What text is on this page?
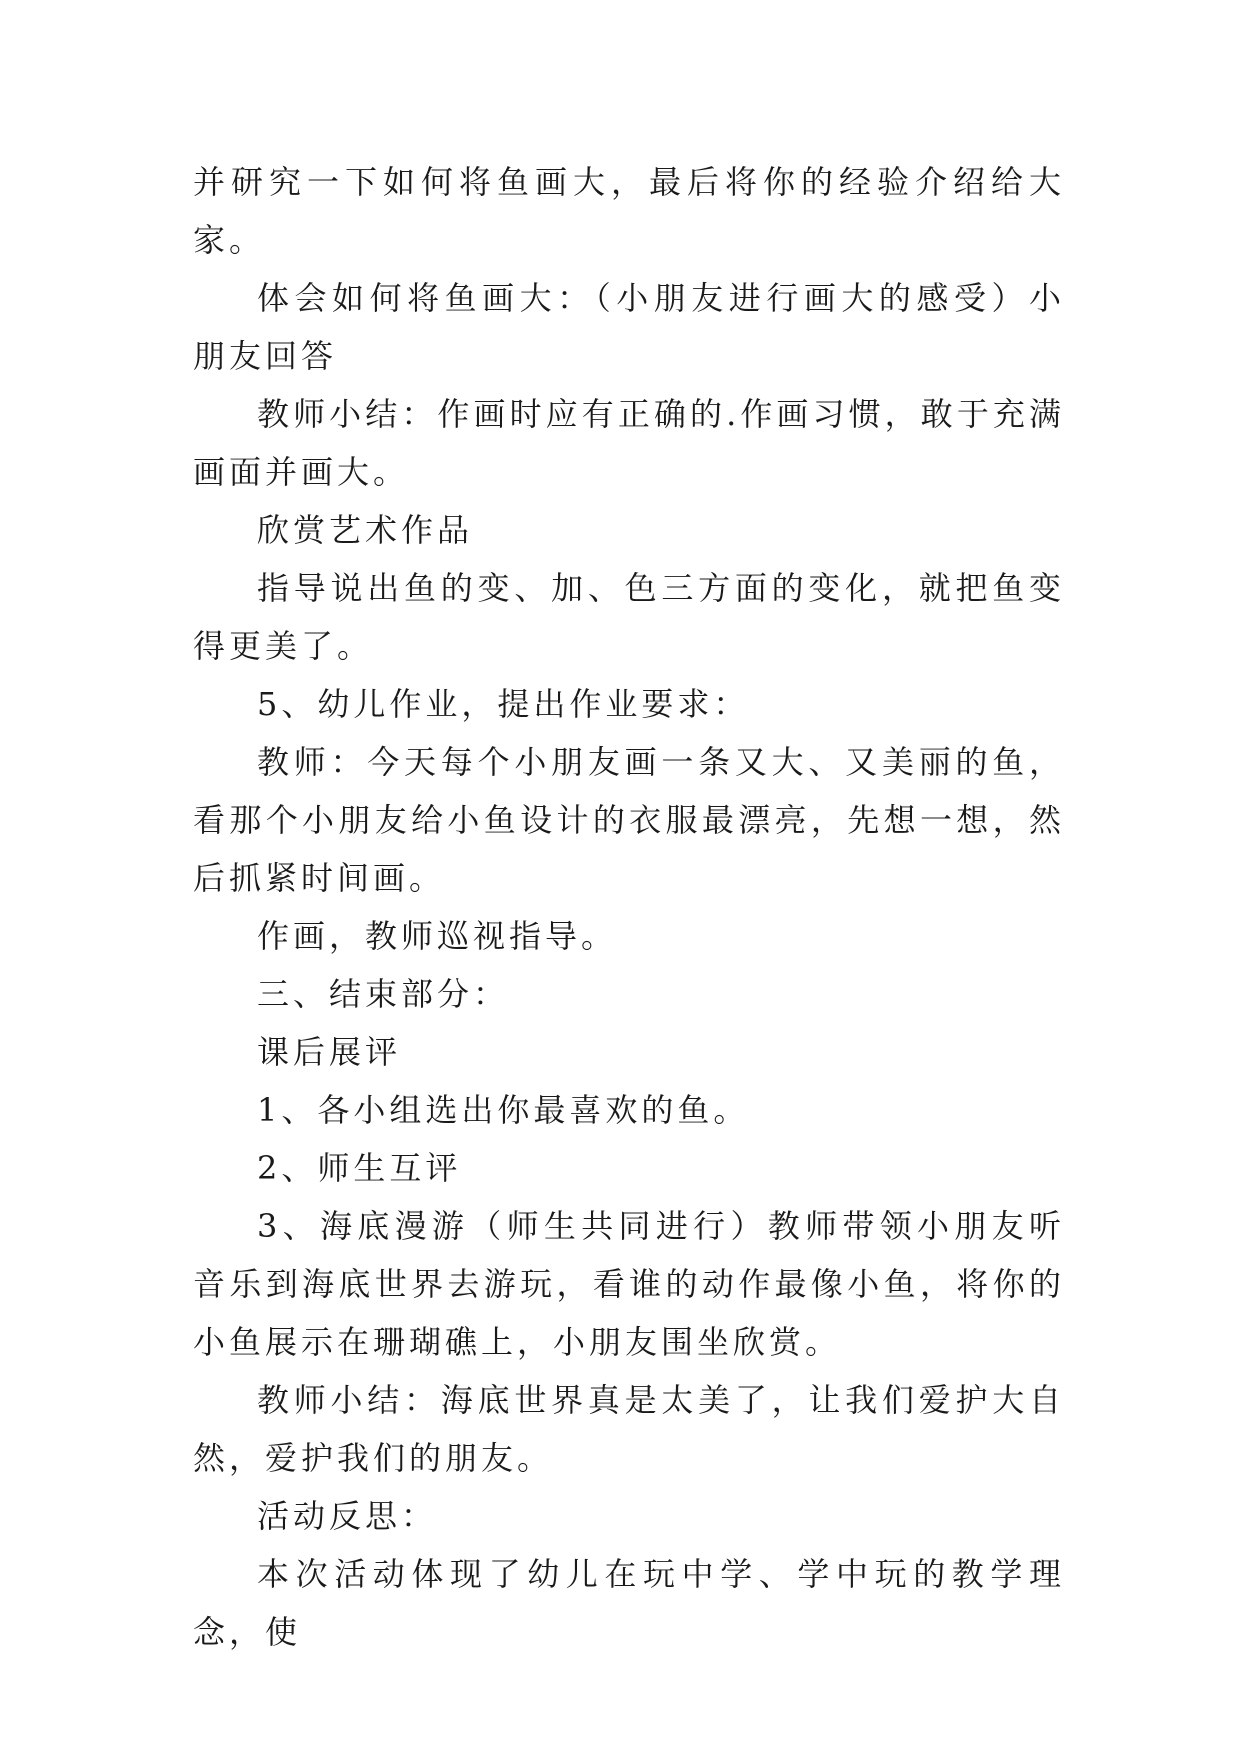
并研究一下如何将鱼画大，最后将你的经验介绍给大家。

体会如何将鱼画大：（小朋友进行画大的感受）小朋友回答

教师小结：作画时应有正确的.作画习惯，敢于充满画面并画大。

欣赏艺术作品

指导说出鱼的变、加、色三方面的变化，就把鱼变得更美了。

5、幼儿作业，提出作业要求：

教师：今天每个小朋友画一条又大、又美丽的鱼，看那个小朋友给小鱼设计的衣服最漂亮，先想一想，然后抓紧时间画。

作画，教师巡视指导。

三、结束部分：

课后展评

1、各小组选出你最喜欢的鱼。

2、师生互评

3、海底漫游（师生共同进行）教师带领小朋友听音乐到海底世界去游玩，看谁的动作最像小鱼，将你的小鱼展示在珊瑚礁上，小朋友围坐欣赏。

教师小结：海底世界真是太美了，让我们爱护大自然，爱护我们的朋友。

活动反思：

本次活动体现了幼儿在玩中学、学中玩的教学理念，使
